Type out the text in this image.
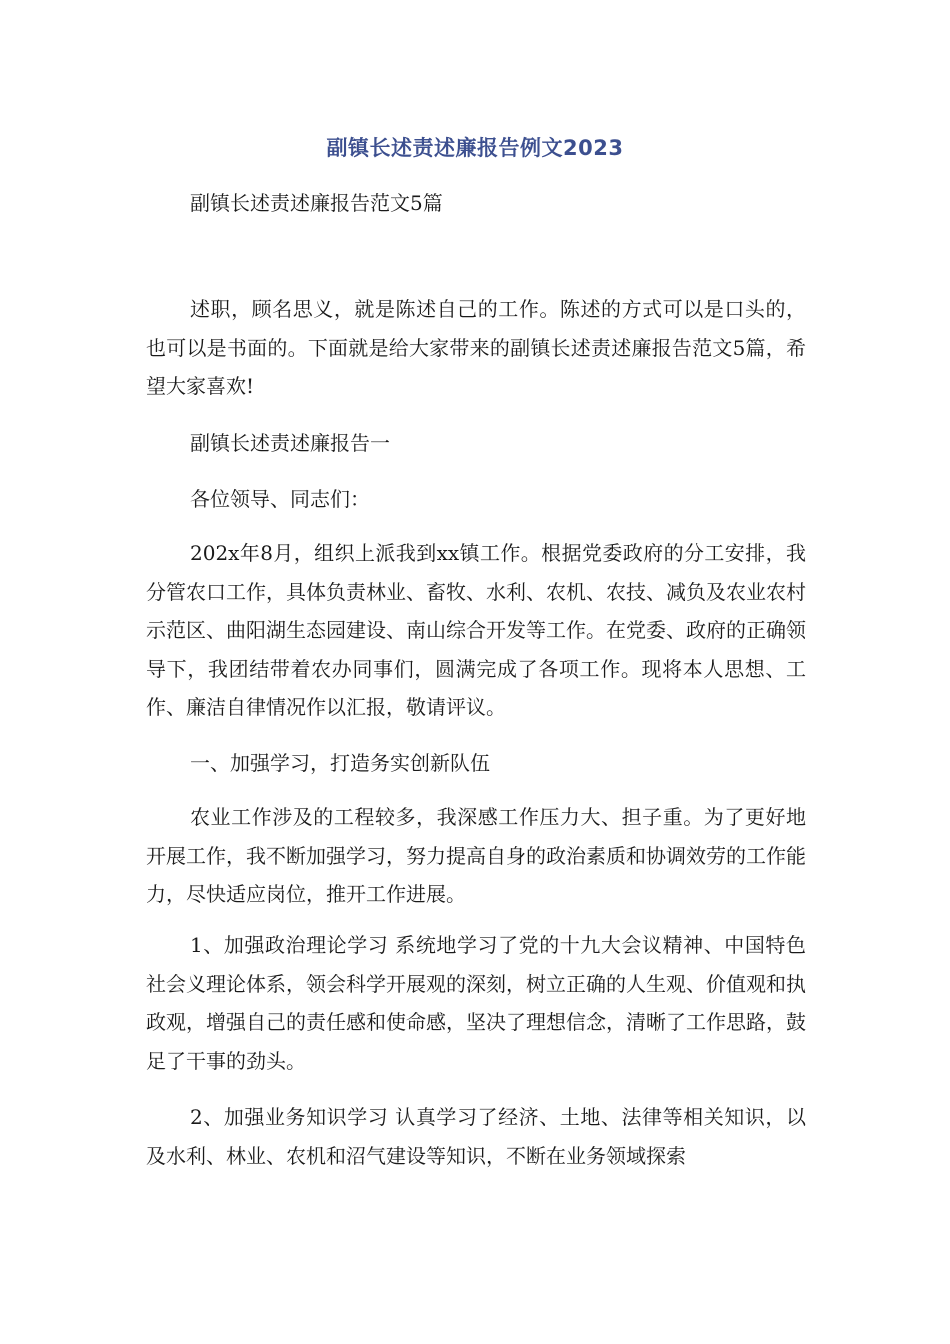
副镇长述责述廉报告例文2023

副镇长述责述廉报告范文5篇

述职，顾名思义，就是陈述自己的工作。陈述的方式可以是口头的，也可以是书面的。下面就是给大家带来的副镇长述责述廉报告范文5篇，希望大家喜欢!

副镇长述责述廉报告一

各位领导、同志们：

202x年8月，组织上派我到xx镇工作。根据党委政府的分工安排，我分管农口工作，具体负责林业、畜牧、水利、农机、农技、减负及农业农村示范区、曲阳湖生态园建设、南山综合开发等工作。在党委、政府的正确领导下，我团结带着农办同事们，圆满完成了各项工作。现将本人思想、工作、廉洁自律情况作以汇报，敬请评议。

一、加强学习，打造务实创新队伍

农业工作涉及的工程较多，我深感工作压力大、担子重。为了更好地开展工作，我不断加强学习，努力提高自身的政治素质和协调效劳的工作能力，尽快适应岗位，推开工作进展。

1、加强政治理论学习 系统地学习了党的十九大会议精神、中国特色社会义理论体系，领会科学开展观的深刻，树立正确的人生观、价值观和执政观，增强自己的责任感和使命感，坚决了理想信念，清晰了工作思路，鼓足了干事的劲头。

2、加强业务知识学习 认真学习了经济、土地、法律等相关知识，以及水利、林业、农机和沼气建设等知识，不断在业务领域探索
